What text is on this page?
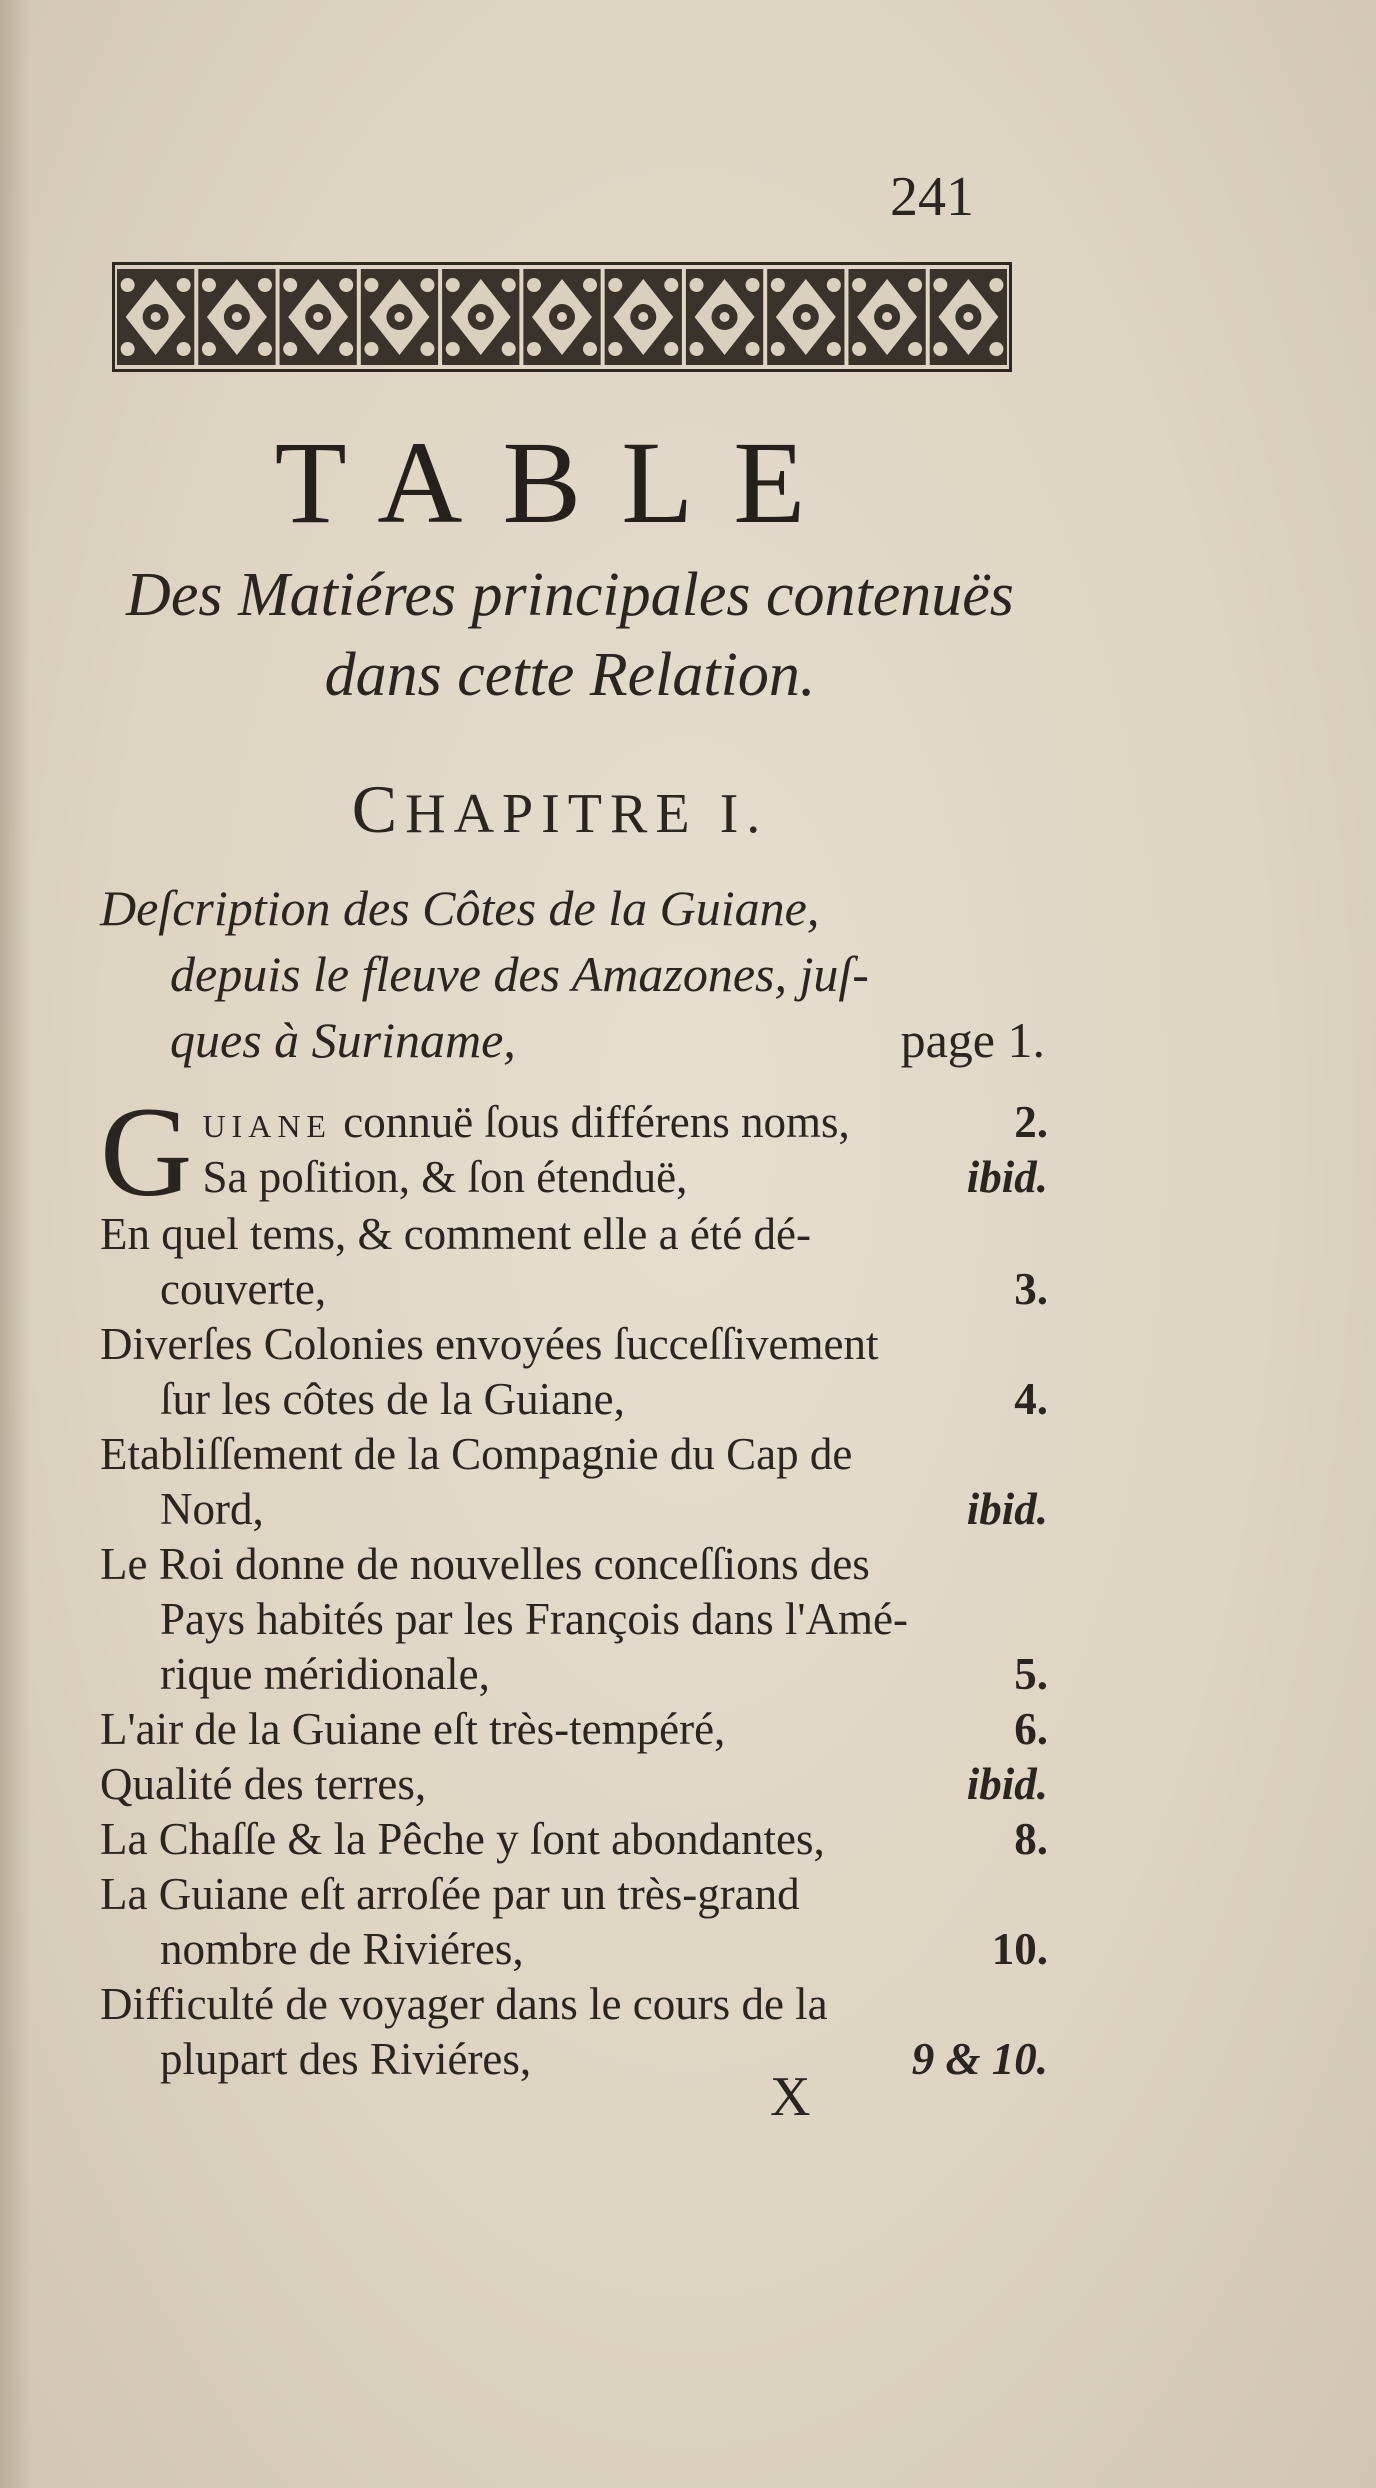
241
TABLE
Des Matiéres principales contenuës
dans cette Relation.
CHAPITRE I.
Deſcription des Côtes de la Guiane,
depuis le fleuve des Amazones, juſ-
ques à Suriname,	page 1.
G uiane connuë ſous différens noms,	2.
Sa poſition, & ſon étenduë,	ibid.
En quel tems, & comment elle a été dé-
couverte,	3.
Diverſes Colonies envoyées ſucceſſivement
ſur les côtes de la Guiane,	4.
Etabliſſement de la Compagnie du Cap de
Nord,	ibid.
Le Roi donne de nouvelles conceſſions des
Pays habités par les François dans l'Amé-
rique méridionale,	5.
L'air de la Guiane eſt très-tempéré,	6.
Qualité des terres,	ibid.
La Chaſſe & la Pêche y ſont abondantes,	8.
La Guiane eſt arroſée par un très-grand
nombre de Riviéres,	10.
Difficulté de voyager dans le cours de la
plupart des Riviéres,	9 & 10.
X
